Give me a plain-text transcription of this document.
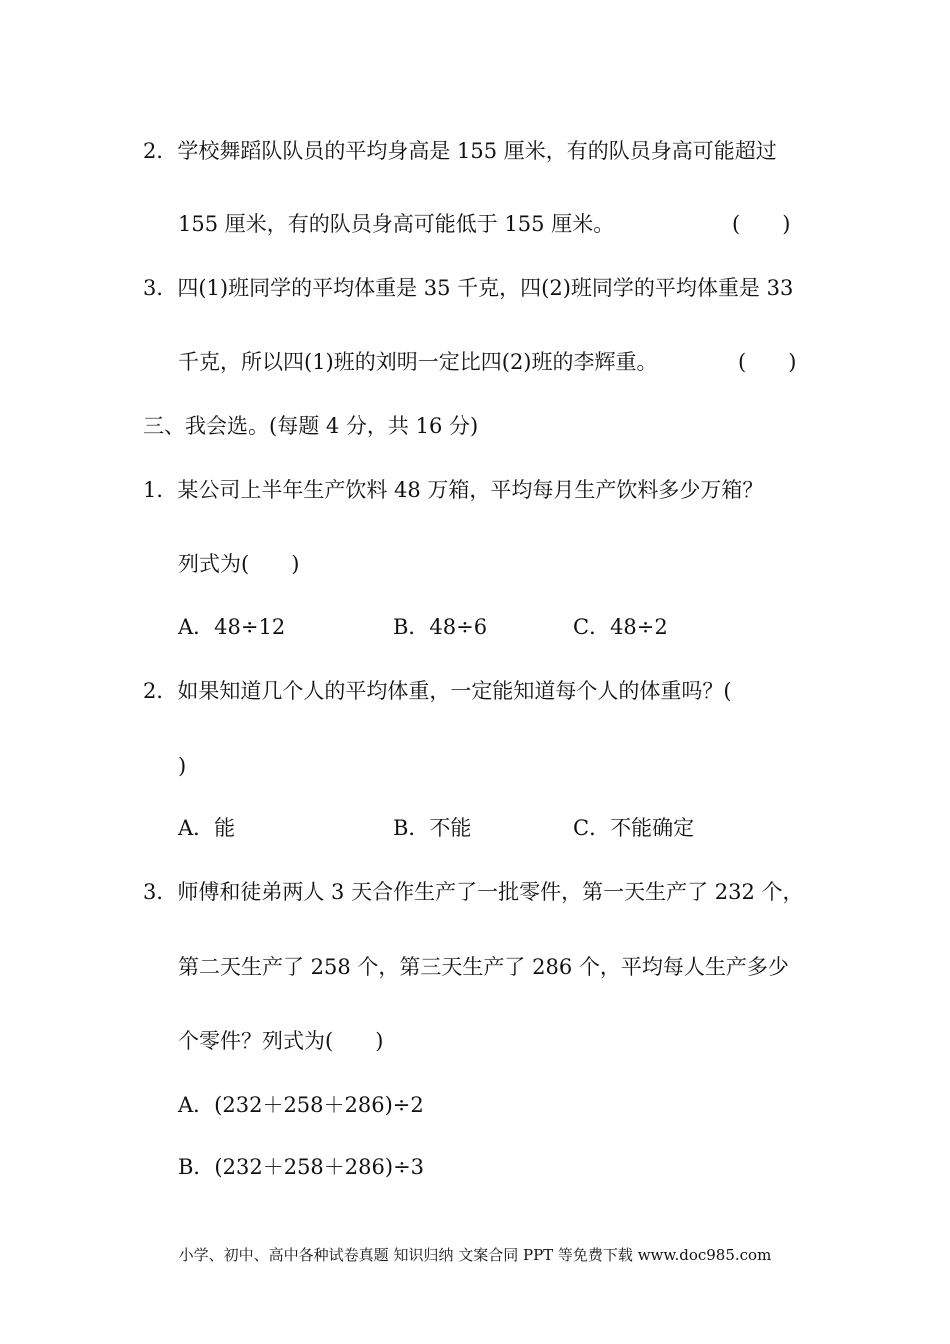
2．学校舞蹈队队员的平均身高是 155 厘米，有的队员身高可能超过
155 厘米，有的队员身高可能低于 155 厘米。	(　　)
3．四(1)班同学的平均体重是 35 千克，四(2)班同学的平均体重是 33
千克，所以四(1)班的刘明一定比四(2)班的李辉重。	(　　)
三、我会选。(每题 4 分，共 16 分)
1．某公司上半年生产饮料 48 万箱，平均每月生产饮料多少万箱？
列式为(　　)
A．48÷12	B．48÷6	C．48÷2
2．如果知道几个人的平均体重，一定能知道每个人的体重吗？(
)
A．能	B．不能	C．不能确定
3．师傅和徒弟两人 3 天合作生产了一批零件，第一天生产了 232 个，
第二天生产了 258 个，第三天生产了 286 个，平均每人生产多少
个零件？列式为(　　)
A．(232＋258＋286)÷2
B．(232＋258＋286)÷3
小学、初中、高中各种试卷真题 知识归纳 文案合同 PPT 等免费下载 www.doc985.com
